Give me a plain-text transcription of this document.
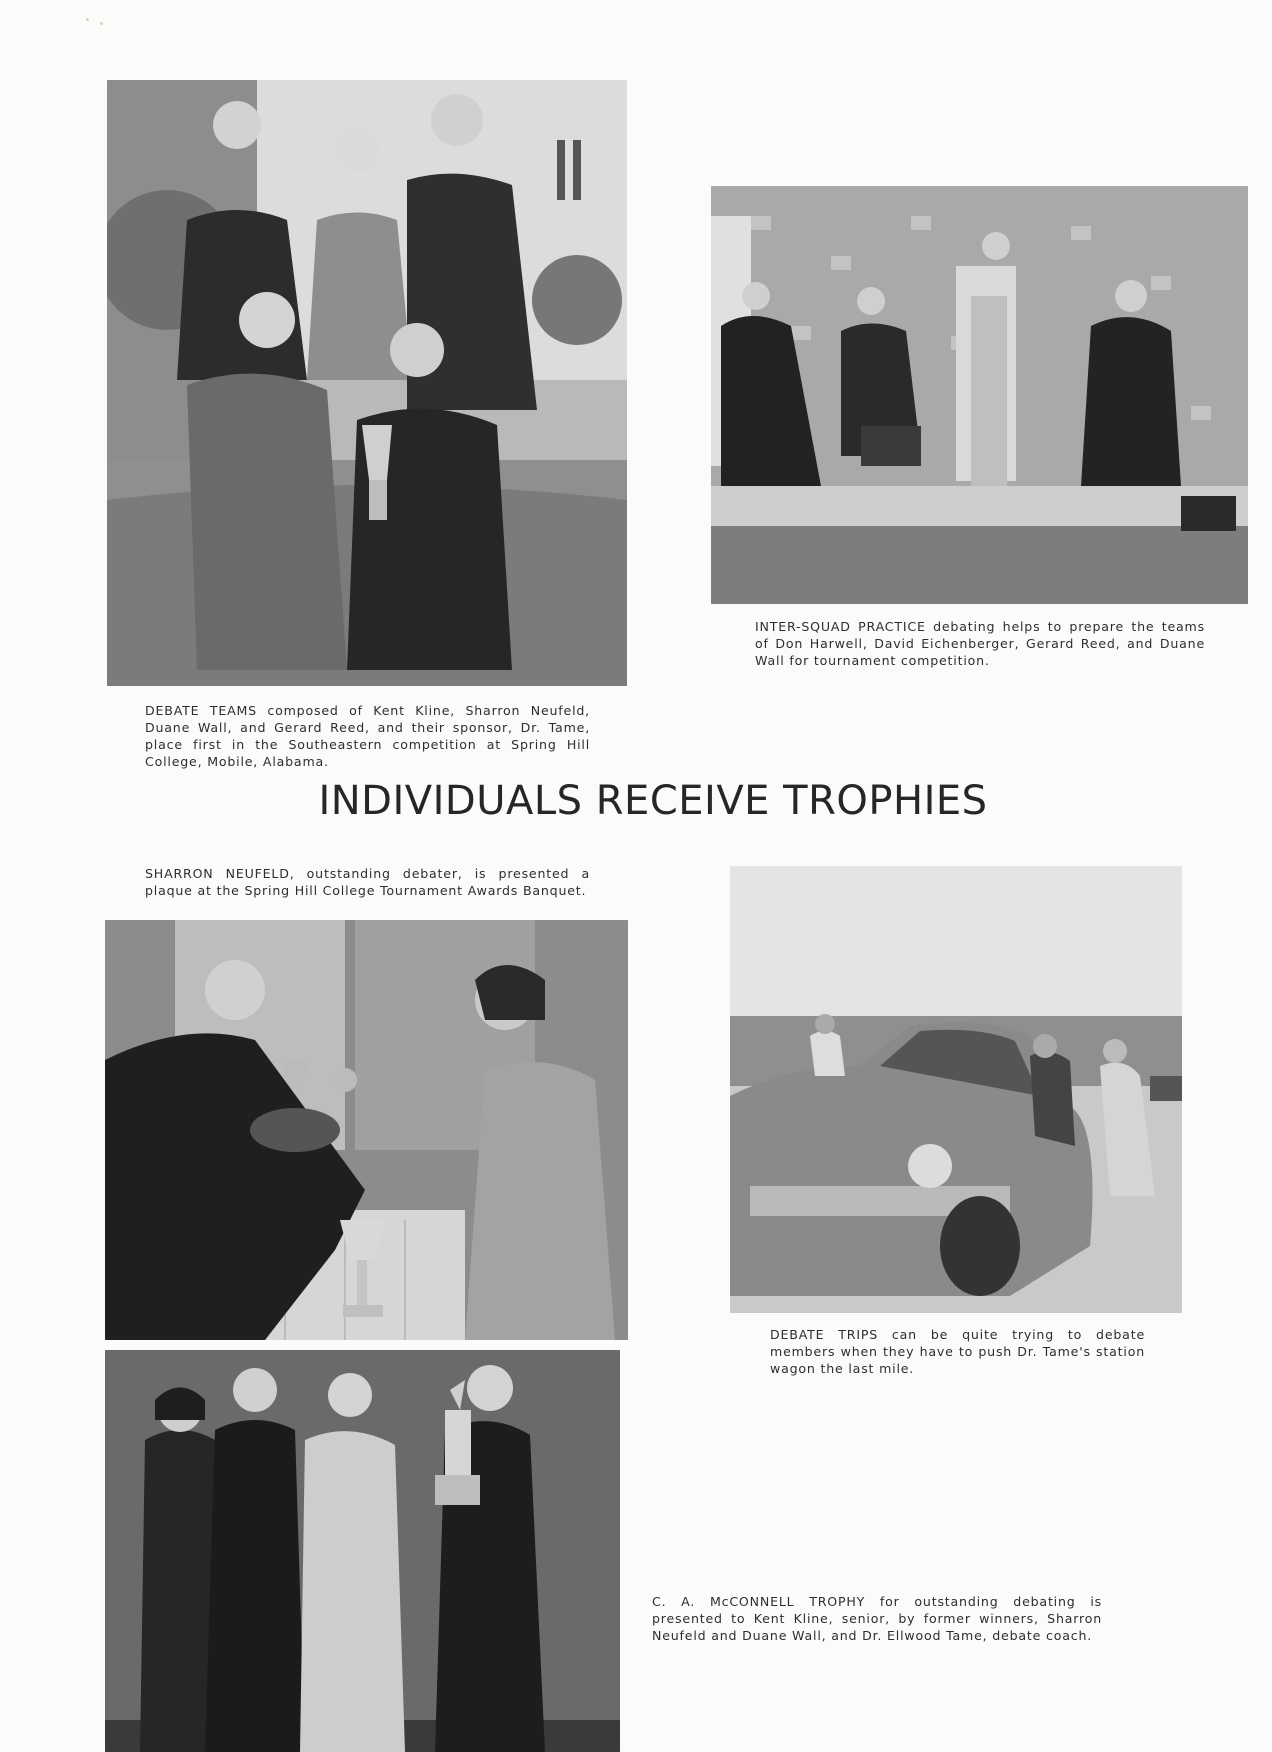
DEBATE TEAMS composed of Kent Kline, Sharron Neufeld, Duane Wall, and Gerard Reed, and their sponsor, Dr. Tame, place first in the Southeastern competition at Spring Hill College, Mobile, Alabama.

INTER-SQUAD PRACTICE debating helps to prepare the teams of Don Harwell, David Eichenberger, Gerard Reed, and Duane Wall for tournament competition.

INDIVIDUALS RECEIVE TROPHIES

SHARRON NEUFELD, outstanding debater, is presented a plaque at the Spring Hill College Tournament Awards Banquet.

DEBATE TRIPS can be quite trying to debate members when they have to push Dr. Tame's station wagon the last mile.

C. A. McCONNELL TROPHY for outstanding debating is presented to Kent Kline, senior, by former winners, Sharron Neufeld and Duane Wall, and Dr. Ellwood Tame, debate coach.
